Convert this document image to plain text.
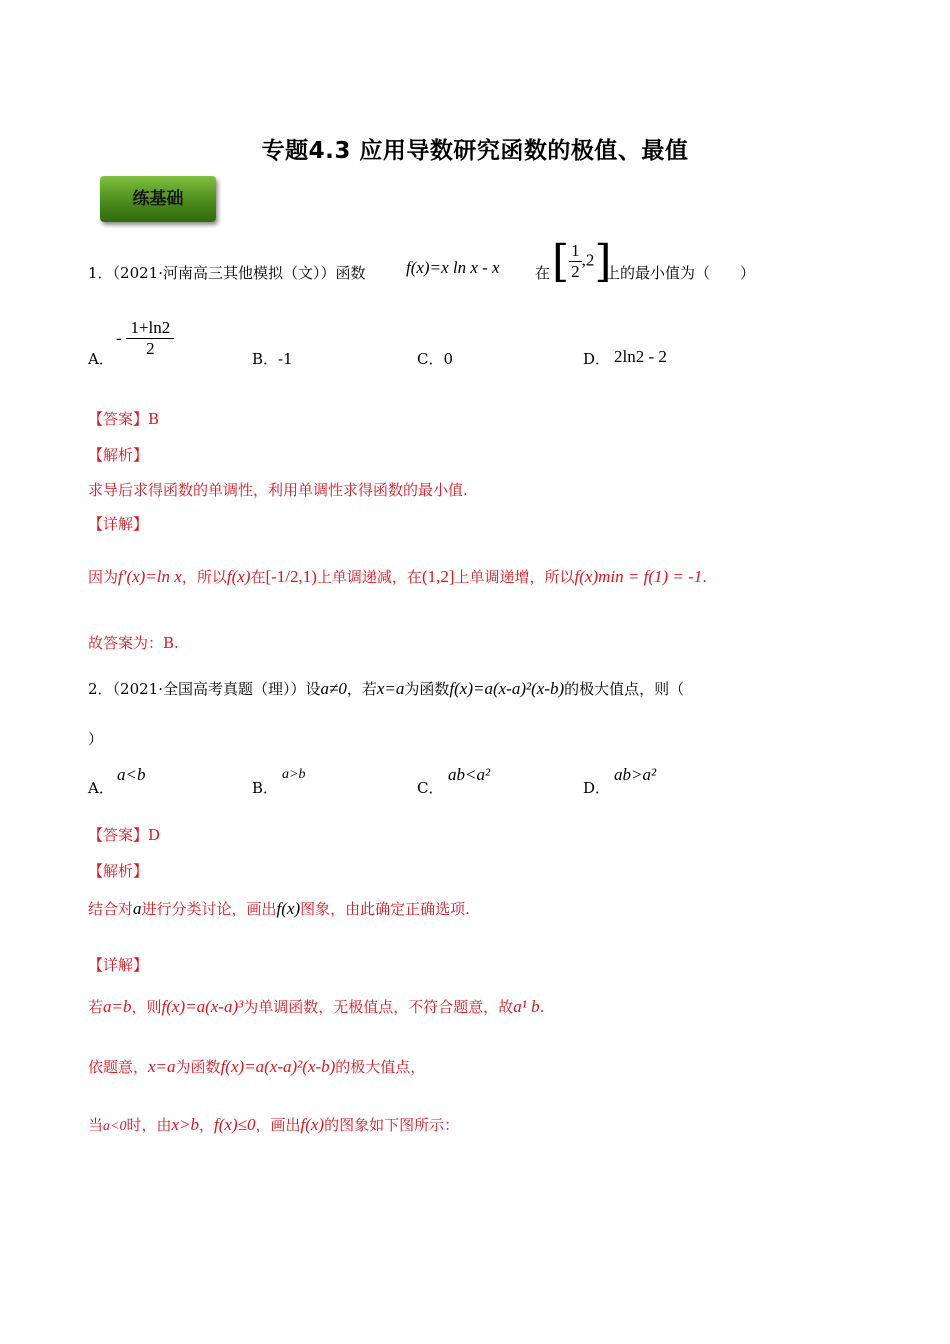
专题4.3 应用导数研究函数的极值、最值
练基础
1．（2021·河南高三其他模拟（文））函数 f(x)=x ln x - x 在 [ $\frac{1}{2} ,2$]
上的最小值为（　　）
A．
- $\frac{1+\ln 2}{2}$	B．-1	C．0	D． 2ln2 - 2
【答案】B
【解析】
求导后求得函数的单调性，利用单调性求得函数的最小值.
【详解】
因为f′(x)=ln x，所以f(x)在[-1/2,1)上单调递减，在(1,2]上单调递增，所以f(x)min = f(1) = -1.
故答案为：B.
2．（2021·全国高考真题（理））设a≠0，若x=a为函数f(x)=a(x-a)²(x-b)的极大值点，则（
）
A．
a<b
B．
a>b
C．
ab<a²
D．
ab>a²
【答案】D
【解析】
结合对a进行分类讨论，画出f(x)图象，由此确定正确选项.
【详解】
若a=b，则f(x)=a(x-a)³为单调函数，无极值点，不符合题意，故a¹ b.
依题意，x=a为函数f(x)=a(x-a)²(x-b)的极大值点，
当a<0时，由x>b，f(x)≤0，画出f(x)的图象如下图所示：
